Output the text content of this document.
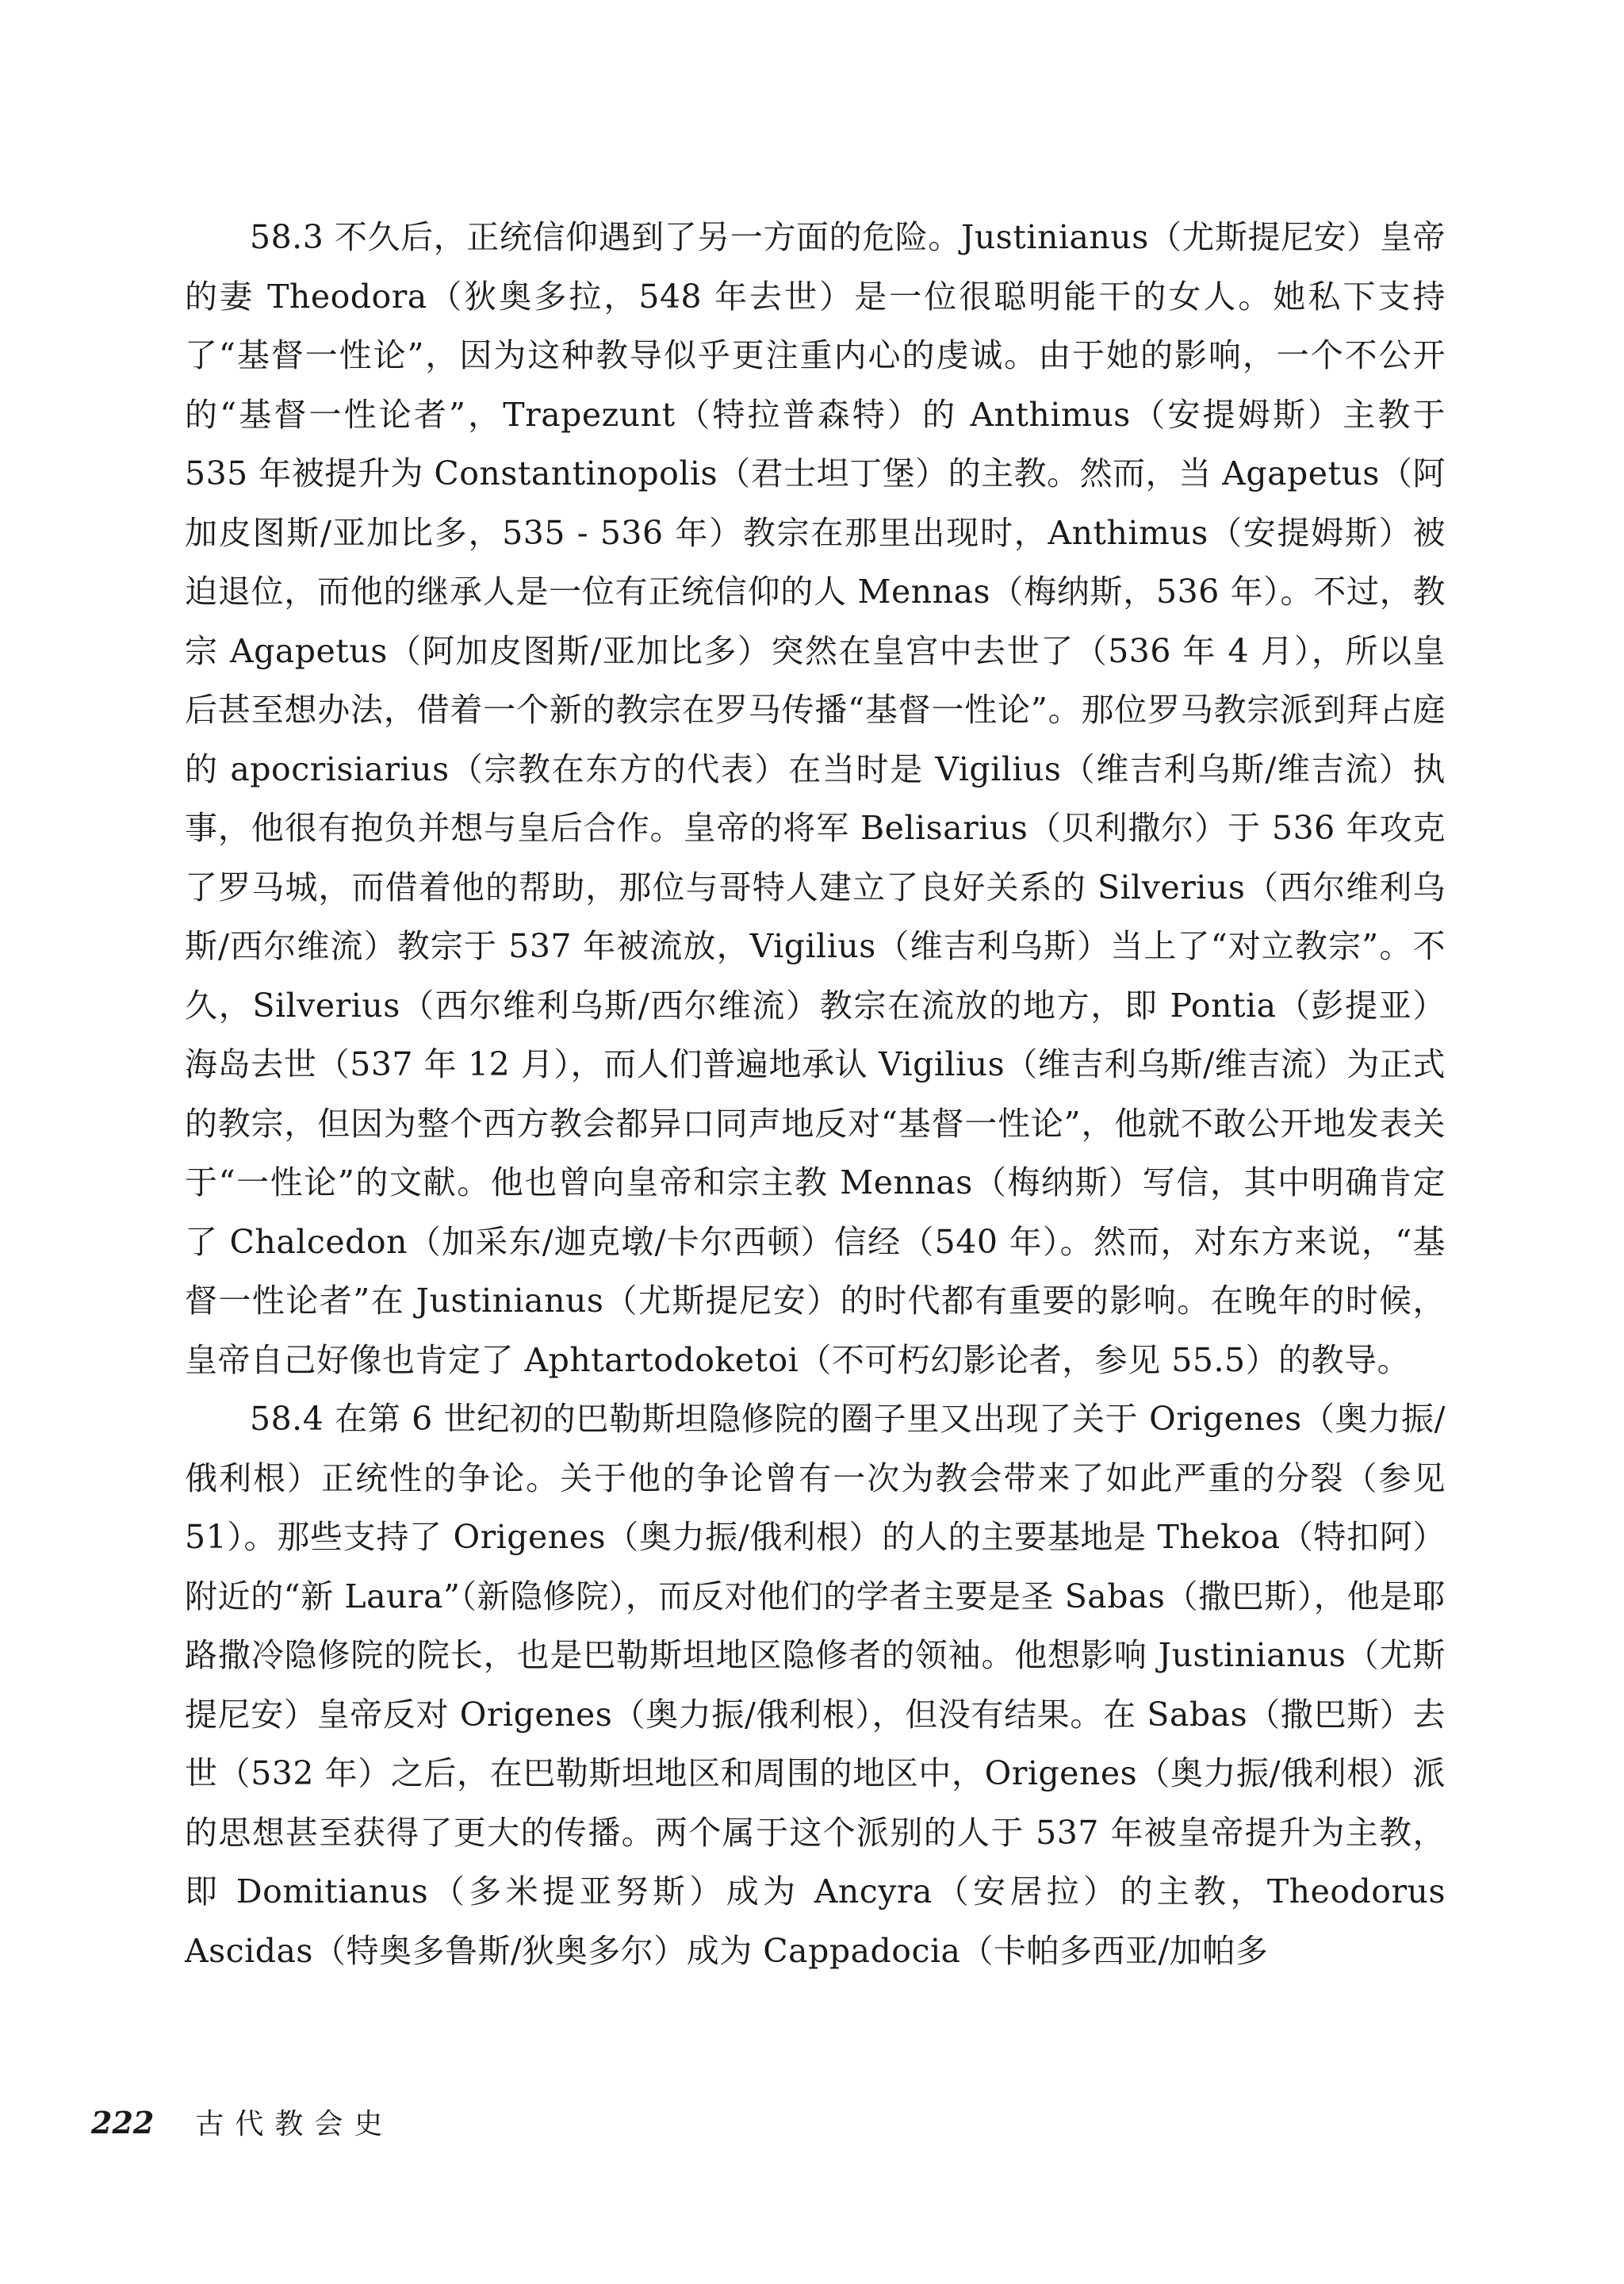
58.3 不久后，正统信仰遇到了另一方面的危险。Justinianus（尤斯提尼安）皇帝的妻 Theodora（狄奥多拉，548 年去世）是一位很聪明能干的女人。她私下支持了“基督一性论”，因为这种教导似乎更注重内心的虔诚。由于她的影响，一个不公开的“基督一性论者”，Trapezunt（特拉普森特）的 Anthimus（安提姆斯）主教于 535 年被提升为 Constantinopolis（君士坦丁堡）的主教。然而，当 Agapetus（阿加皮图斯/亚加比多，535 - 536 年）教宗在那里出现时，Anthimus（安提姆斯）被迫退位，而他的继承人是一位有正统信仰的人 Mennas（梅纳斯，536 年）。不过，教宗 Agapetus（阿加皮图斯/亚加比多）突然在皇宫中去世了（536 年 4 月），所以皇后甚至想办法，借着一个新的教宗在罗马传播“基督一性论”。那位罗马教宗派到拜占庭的 apocrisiarius（宗教在东方的代表）在当时是 Vigilius（维吉利乌斯/维吉流）执事，他很有抱负并想与皇后合作。皇帝的将军 Belisarius（贝利撒尔）于 536 年攻克了罗马城，而借着他的帮助，那位与哥特人建立了良好关系的 Silverius（西尔维利乌斯/西尔维流）教宗于 537 年被流放，Vigilius（维吉利乌斯）当上了“对立教宗”。不久，Silverius（西尔维利乌斯/西尔维流）教宗在流放的地方，即 Pontia（彭提亚）海岛去世（537 年 12 月），而人们普遍地承认 Vigilius（维吉利乌斯/维吉流）为正式的教宗，但因为整个西方教会都异口同声地反对“基督一性论”，他就不敢公开地发表关于“一性论”的文献。他也曾向皇帝和宗主教 Mennas（梅纳斯）写信，其中明确肯定了 Chalcedon（加采东/迦克墩/卡尔西顿）信经（540 年）。然而，对东方来说，“基督一性论者”在 Justinianus（尤斯提尼安）的时代都有重要的影响。在晚年的时候，皇帝自己好像也肯定了 Aphtartodoketoi（不可朽幻影论者，参见 55.5）的教导。

58.4 在第 6 世纪初的巴勒斯坦隐修院的圈子里又出现了关于 Origenes（奥力振/俄利根）正统性的争论。关于他的争论曾有一次为教会带来了如此严重的分裂（参见 51）。那些支持了 Origenes（奥力振/俄利根）的人的主要基地是 Thekoa（特扣阿）附近的“新 Laura”（新隐修院），而反对他们的学者主要是圣 Sabas（撒巴斯），他是耶路撒冷隐修院的院长，也是巴勒斯坦地区隐修者的领袖。他想影响 Justinianus（尤斯提尼安）皇帝反对 Origenes（奥力振/俄利根），但没有结果。在 Sabas（撒巴斯）去世（532 年）之后，在巴勒斯坦地区和周围的地区中，Origenes（奥力振/俄利根）派的思想甚至获得了更大的传播。两个属于这个派别的人于 537 年被皇帝提升为主教，即 Domitianus（多米提亚努斯）成为 Ancyra（安居拉）的主教，Theodorus Ascidas（特奥多鲁斯/狄奥多尔）成为 Cappadocia（卡帕多西亚/加帕多

222 古代教会史
